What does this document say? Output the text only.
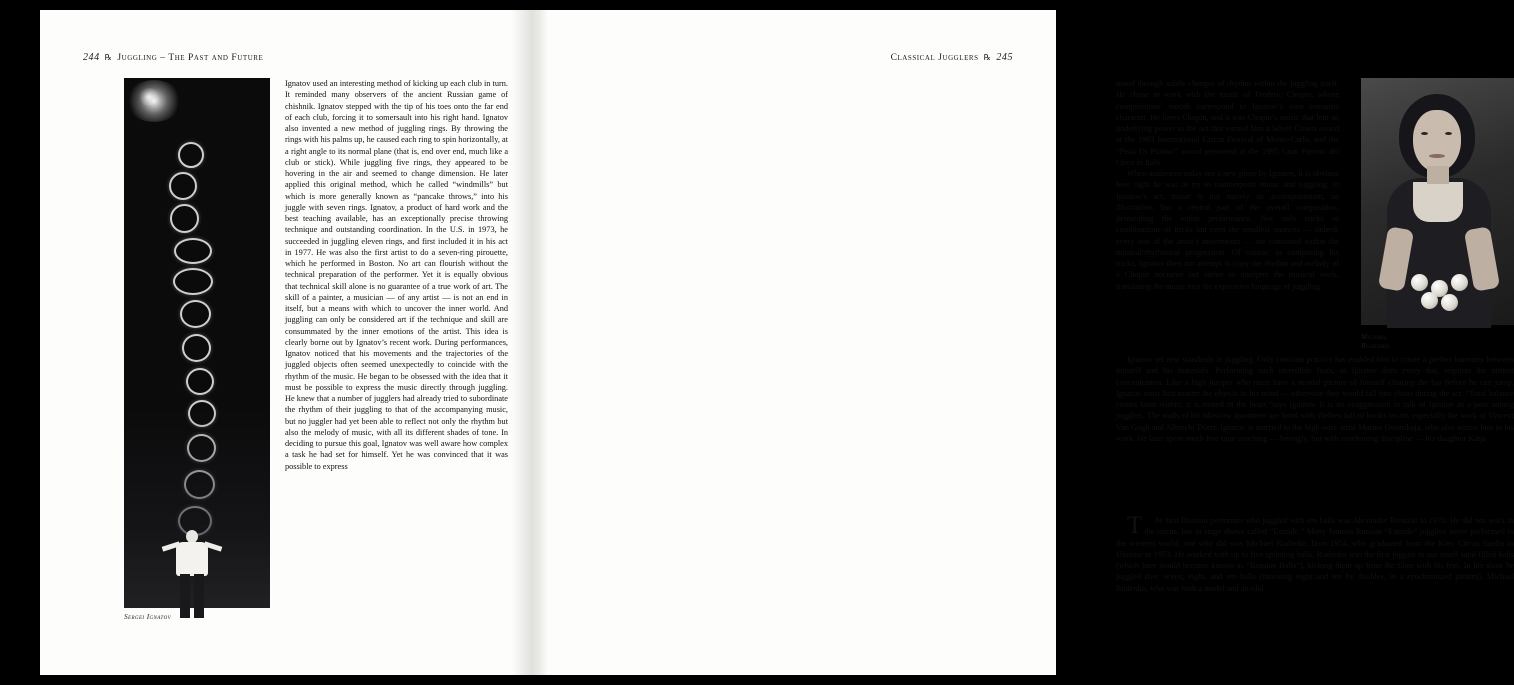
244 ℞ Juggling – The Past and Future
Sergei Ignatov

Ignatov used an interesting method of kicking up each club in turn. It reminded many observers of the ancient Russian game of chishnik. Ignatov stepped with the tip of his toes onto the far end of each club, forcing it to somersault into his right hand. Ignatov also invented a new method of juggling rings. By throwing the rings with his palms up, he caused each ring to spin horizontally, at a right angle to its normal plane (that is, end over end, much like a club or stick). While juggling five rings, they appeared to be hovering in the air and seemed to change dimension. He later applied this original method, which he called “windmills” but which is more generally known as “pancake throws,” into his juggle with seven rings. Ignatov, a product of hard work and the best teaching available, has an exceptionally precise throwing technique and outstanding coordination. In the U.S. in 1973, he succeeded in juggling eleven rings, and first included it in his act in 1977. He was also the first artist to do a seven-ring pirouette, which he performed in Boston. No art can flourish without the technical preparation of the performer. Yet it is equally obvious that technical skill alone is no guarantee of a true work of art. The skill of a painter, a musician — of any artist — is not an end in itself, but a means with which to uncover the inner world. And juggling can only be considered art if the technique and skill are consummated by the inner emotions of the artist. This idea is clearly borne out by Ignatov’s recent work. During performances, Ignatov noticed that his movements and the trajectories of the juggled objects often seemed unexpectedly to coincide with the rhythm of the music. He began to be obsessed with the idea that it must be possible to express the music directly through juggling. He knew that a number of jugglers had already tried to subordinate the rhythm of their juggling to that of the accompanying music, but no juggler had yet been able to reflect not only the rhythm but also the melody of music, with all its different shades of tone. In deciding to pursue this goal, Ignatov was well aware how complex a task he had set for himself. Yet he was convinced that it was possible to express

Classical Jugglers ℞ 245
Michael Rudenko.

mood through subtle changes of rhythm within the juggling itself. He chose to work with the music of Frederic Chopin, whose compositions’ moods correspond to Ignatov’s own romantic character. He loves Chopin, and it was Chopin’s music that lent an underlying power to the act that earned him a Silver Clown award at the 1983 International Circus Festival of Monte-Carlo, and the “Pista Di Platino” award presented at the 1995 Gran Premio del Circo in Italy.

When audiences today see a new piece by Ignatov, it is obvious how right he was to try to counterpoint music and juggling: in Ignatov’s act, music is not merely an accompaniment, an illustration, but a central part of the overall composition, permeating the entire performance. Not only tricks or combinations of tricks but even the smallest nuances — indeed, every one of the artist’s movements — are contained within the musical/rhythmical progression. Of course, in composing his tricks, Ignatov does not attempt to copy the rhythm and melody of a Chopin nocturne but rather to interpret the musical work, translating the music into the expressive language of juggling.

Ignatov set new standards in juggling. Only constant practice has enabled him to create a perfect harmony between himself and his materials. Performing such incredible feats, as Ignatov does every day, requires the utmost concentration. Like a high jumper who must have a mental picture of himself clearing the bar before he can jump, Ignatov must first master the objects in his mind — otherwise they would fall into chaos during the act. “Total balance comes from within; it is rooted in the heart,”says Ignatov. It is no exaggeration to talk of Ignatov as a poet among jugglers. The walls of his Moscow apartment are lined with shelves full of books on art, especially the work of Vincent Van Gogh and Albrecht Dürer. Ignatov is married to the high-wire artist Marina Ossinskaja, who also assists him in his work. He later spent much free time coaching — lovingly, but with unrelenting discipline — his daughter Katja

T he first Russian performer who juggled with ten balls was Alexander Bresizki in 1970. He did not work in the circus, but in stage shows called “Estrade.” Many famous Russian “Estrade” jugglers never performed in the western world; one who did was Michael Rudenko, born 1954, who graduated from the Kiev Circus Studio in Ukraine in 1973. He worked with up to five spinning balls. Rudenko was the first juggler to use small sand-filled balls (which later would become known as “Russian Balls”), kicking them up from the floor with his feet. In his show he juggled five, seven, eight, and ten balls (throwing eight and ten by doubles, in a synchronized pattern). Michael Rudenko, who was both a model and an idol
